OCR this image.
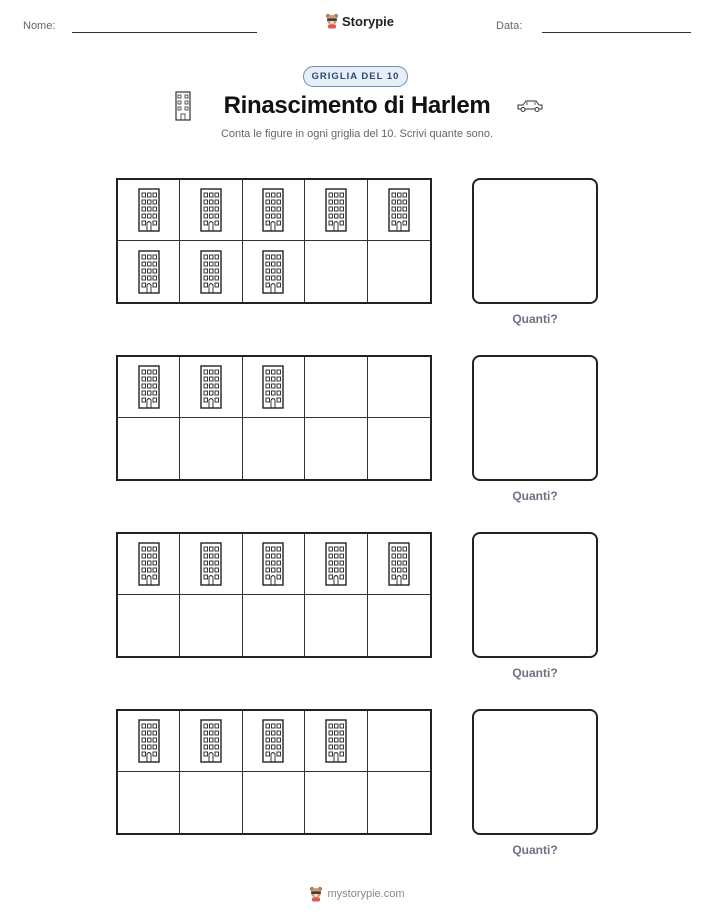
Nome:	Storypie	Data:
GRIGLIA DEL 10
Rinascimento di Harlem
Conta le figure in ogni griglia del 10. Scrivi quante sono.
Quanti?
Quanti?
Quanti?
Quanti?
mystorypie.com
